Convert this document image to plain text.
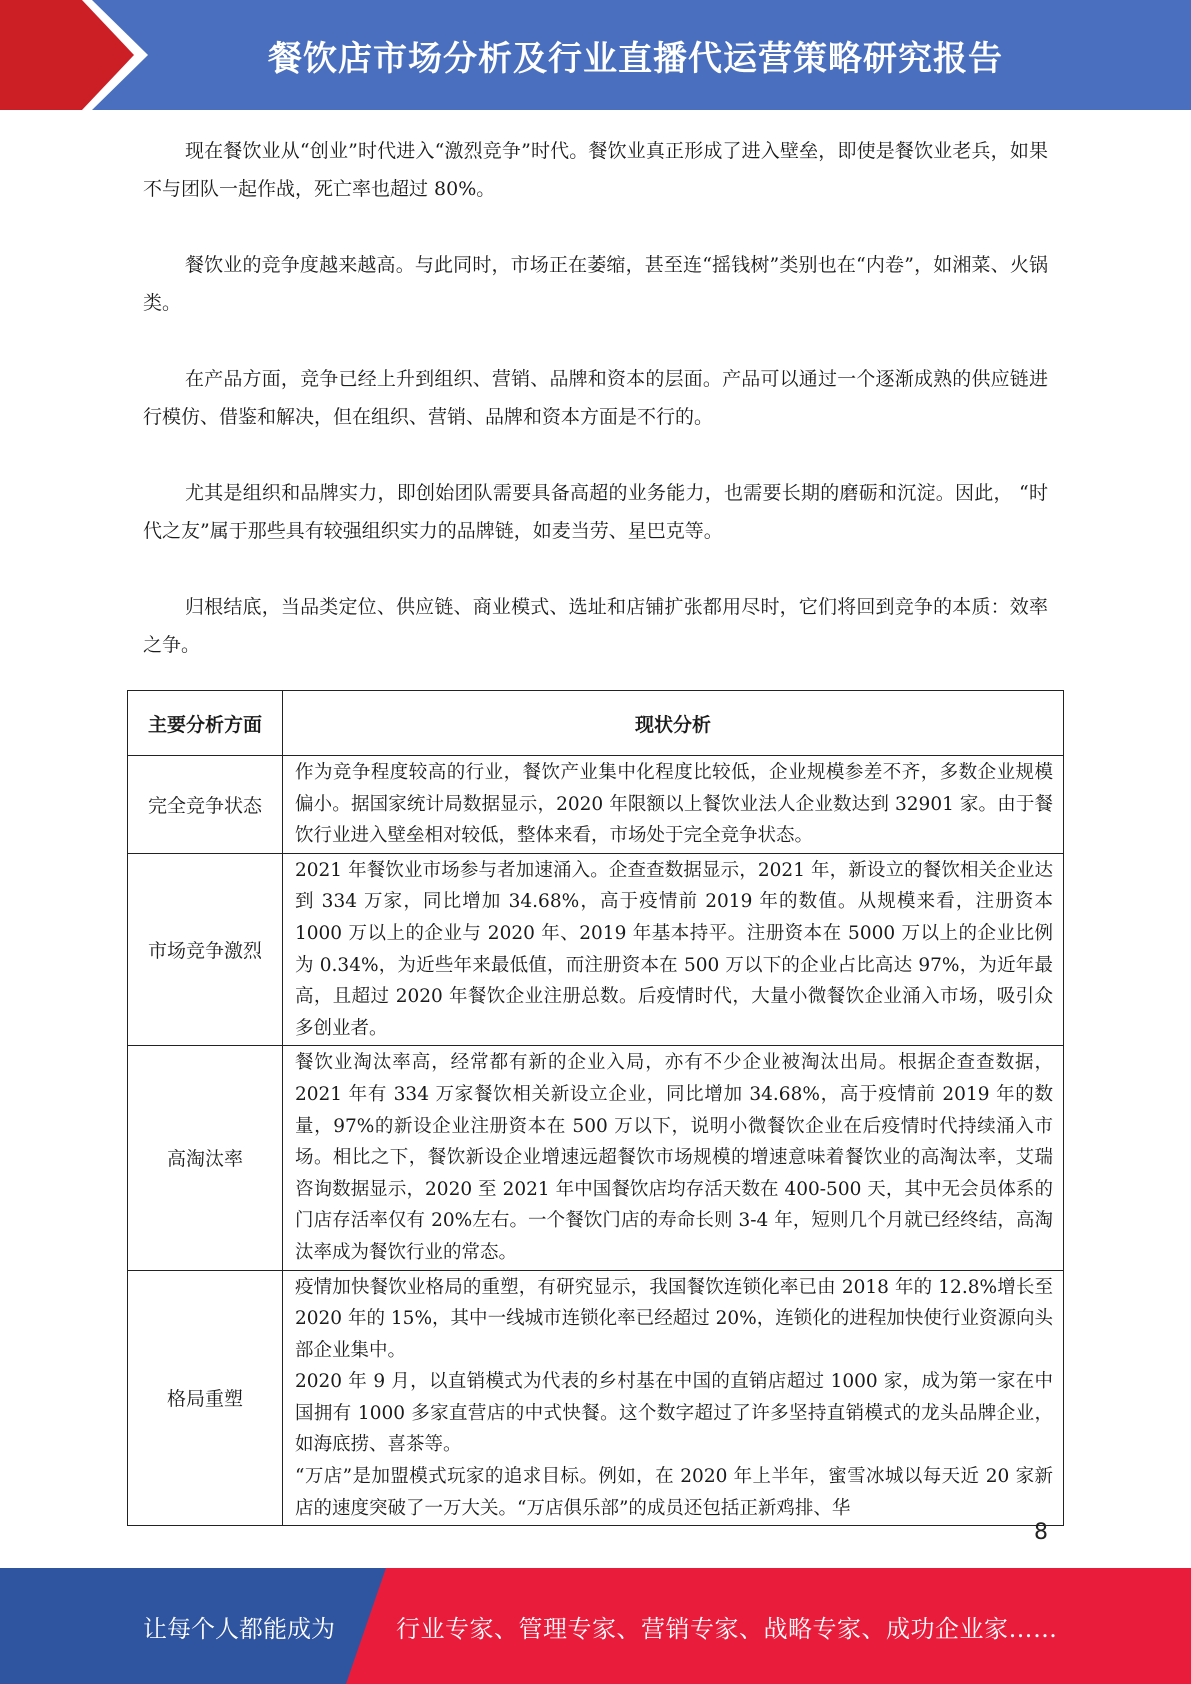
餐饮店市场分析及行业直播代运营策略研究报告

现在餐饮业从“创业”时代进入“激烈竞争”时代。餐饮业真正形成了进入壁垒，即使是餐饮业老兵，如果不与团队一起作战，死亡率也超过 80%。

餐饮业的竞争度越来越高。与此同时，市场正在萎缩，甚至连“摇钱树”类别也在“内卷”，如湘菜、火锅类。

在产品方面，竞争已经上升到组织、营销、品牌和资本的层面。产品可以通过一个逐渐成熟的供应链进行模仿、借鉴和解决，但在组织、营销、品牌和资本方面是不行的。

尤其是组织和品牌实力，即创始团队需要具备高超的业务能力，也需要长期的磨砺和沉淀。因此， “时代之友”属于那些具有较强组织实力的品牌链，如麦当劳、星巴克等。

归根结底，当品类定位、供应链、商业模式、选址和店铺扩张都用尽时，它们将回到竞争的本质：效率之争。

主要分析方面	现状分析
完全竞争状态	作为竞争程度较高的行业，餐饮产业集中化程度比较低，企业规模参差不齐，多数企业规模偏小。据国家统计局数据显示，2020 年限额以上餐饮业法人企业数达到 32901 家。由于餐饮行业进入壁垒相对较低，整体来看，市场处于完全竞争状态。

市场竞争激烈	2021 年餐饮业市场参与者加速涌入。企查查数据显示，2021 年，新设立的餐饮相关企业达到 334 万家，同比增加 34.68%，高于疫情前 2019 年的数值。从规模来看，注册资本 1000 万以上的企业与 2020 年、2019 年基本持平。注册资本在 5000 万以上的企业比例为 0.34%，为近些年来最低值，而注册资本在 500 万以下的企业占比高达 97%，为近年最高，且超过 2020 年餐饮企业注册总数。后疫情时代，大量小微餐饮企业涌入市场，吸引众多创业者。

高淘汰率	餐饮业淘汰率高，经常都有新的企业入局，亦有不少企业被淘汰出局。根据企查查数据，2021 年有 334 万家餐饮相关新设立企业，同比增加 34.68%，高于疫情前 2019 年的数量，97%的新设企业注册资本在 500 万以下，说明小微餐饮企业在后疫情时代持续涌入市场。相比之下，餐饮新设企业增速远超餐饮市场规模的增速意味着餐饮业的高淘汰率，艾瑞咨询数据显示，2020 至 2021 年中国餐饮店均存活天数在 400-500 天，其中无会员体系的门店存活率仅有 20%左右。一个餐饮门店的寿命长则 3-4 年，短则几个月就已经终结，高淘汰率成为餐饮行业的常态。

格局重塑	疫情加快餐饮业格局的重塑，有研究显示，我国餐饮连锁化率已由 2018 年的 12.8%增长至 2020 年的 15%，其中一线城市连锁化率已经超过 20%，连锁化的进程加快使行业资源向头部企业集中。

2020 年 9 月，以直销模式为代表的乡村基在中国的直销店超过 1000 家，成为第一家在中国拥有 1000 多家直营店的中式快餐。这个数字超过了许多坚持直销模式的龙头品牌企业，如海底捞、喜茶等。

“万店”是加盟模式玩家的追求目标。例如，在 2020 年上半年，蜜雪冰城以每天近 20 家新店的速度突破了一万大关。“万店俱乐部”的成员还包括正新鸡排、华

8
让每个人都能成为	行业专家、管理专家、营销专家、战略专家、成功企业家……
